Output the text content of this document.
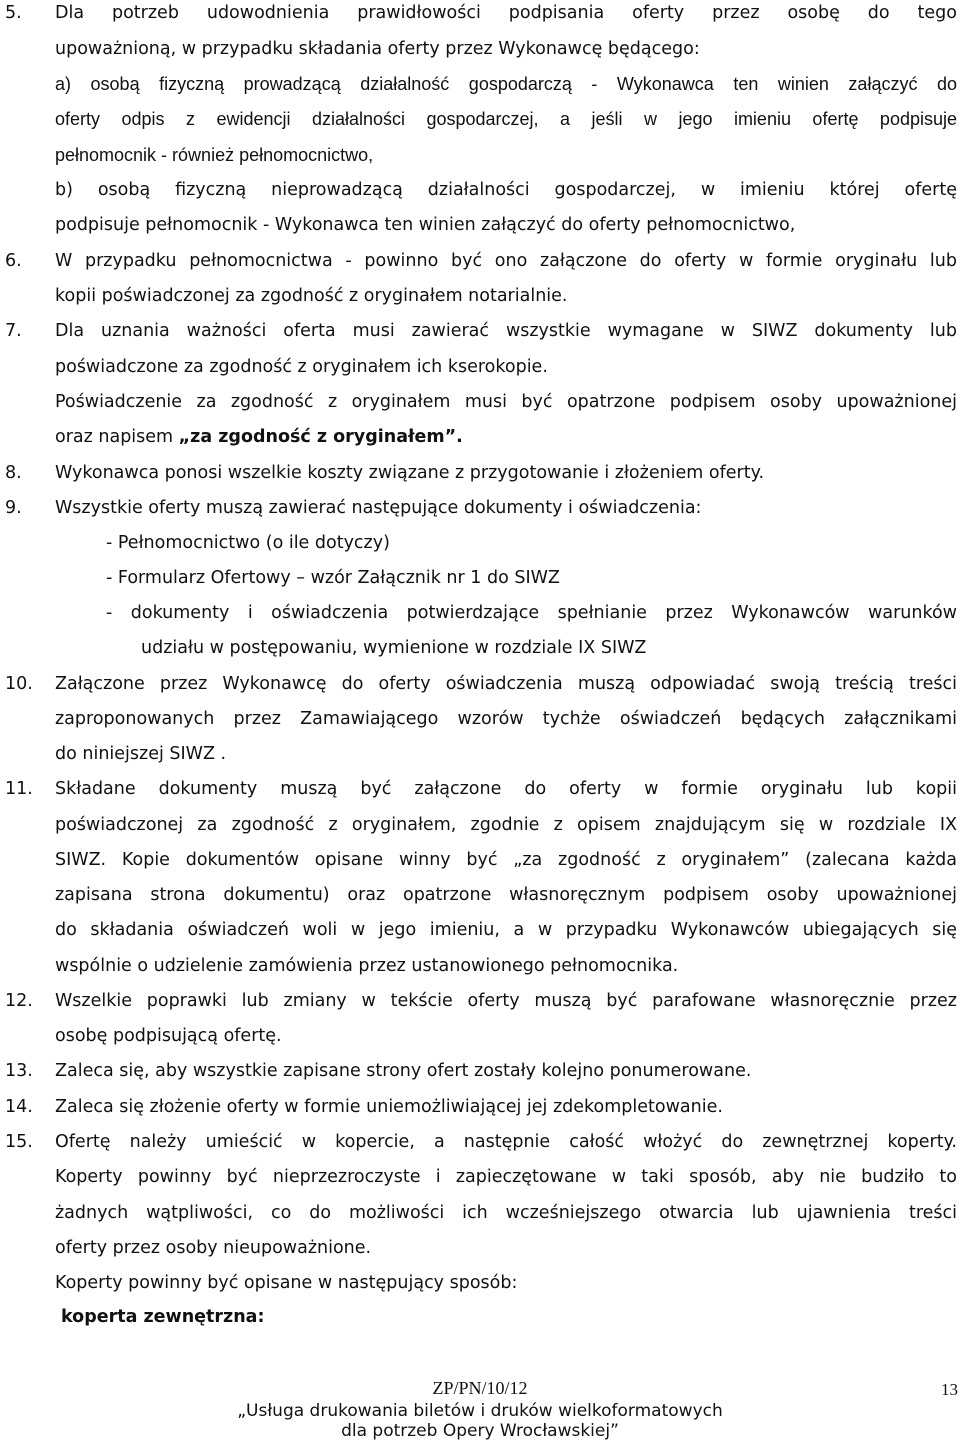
5. Dla potrzeb udowodnienia prawidłowości podpisania oferty przez osobę do tego
upoważnioną, w przypadku składania oferty przez Wykonawcę będącego:
a) osobą fizyczną prowadzącą działalność gospodarczą - Wykonawca ten winien załączyć do
oferty odpis z ewidencji działalności gospodarczej, a jeśli w jego imieniu ofertę podpisuje
pełnomocnik - również pełnomocnictwo,
b) osobą fizyczną nieprowadzącą działalności gospodarczej, w imieniu której ofertę
podpisuje pełnomocnik - Wykonawca ten winien załączyć do oferty pełnomocnictwo,
6. W przypadku pełnomocnictwa - powinno być ono załączone do oferty w formie oryginału lub
kopii poświadczonej za zgodność z oryginałem notarialnie.
7. Dla uznania ważności oferta musi zawierać wszystkie wymagane w SIWZ dokumenty lub
poświadczone za zgodność z oryginałem ich kserokopie.
Poświadczenie za zgodność z oryginałem musi być opatrzone podpisem osoby upoważnionej
oraz napisem „za zgodność z oryginałem”.
8. Wykonawca ponosi wszelkie koszty związane z przygotowanie i złożeniem oferty.
9. Wszystkie oferty muszą zawierać następujące dokumenty i oświadczenia:
- Pełnomocnictwo (o ile dotyczy)
- Formularz Ofertowy – wzór Załącznik nr 1 do SIWZ
- dokumenty i oświadczenia potwierdzające spełnianie przez Wykonawców warunków
udziału w postępowaniu, wymienione w rozdziale IX SIWZ
10. Załączone przez Wykonawcę do oferty oświadczenia muszą odpowiadać swoją treścią treści
zaproponowanych przez Zamawiającego wzorów tychże oświadczeń będących załącznikami
do niniejszej SIWZ .
11. Składane dokumenty muszą być załączone do oferty w formie oryginału lub kopii
poświadczonej za zgodność z oryginałem, zgodnie z opisem znajdującym się w rozdziale IX
SIWZ. Kopie dokumentów opisane winny być „za zgodność z oryginałem” (zalecana każda
zapisana strona dokumentu) oraz opatrzone własnoręcznym podpisem osoby upoważnionej
do składania oświadczeń woli w jego imieniu, a w przypadku Wykonawców ubiegających się
wspólnie o udzielenie zamówienia przez ustanowionego pełnomocnika.
12. Wszelkie poprawki lub zmiany w tekście oferty muszą być parafowane własnoręcznie przez
osobę podpisującą ofertę.
13. Zaleca się, aby wszystkie zapisane strony ofert zostały kolejno ponumerowane.
14. Zaleca się złożenie oferty w formie uniemożliwiającej jej zdekompletowanie.
15. Ofertę należy umieścić w kopercie, a następnie całość włożyć do zewnętrznej koperty.
Koperty powinny być nieprzezroczyste i zapieczętowane w taki sposób, aby nie budziło to
żadnych wątpliwości, co do możliwości ich wcześniejszego otwarcia lub ujawnienia treści
oferty przez osoby nieupoważnione.
Koperty powinny być opisane w następujący sposób:
koperta zewnętrzna:
ZP/PN/10/12	13
„Usługa drukowania biletów i druków wielkoformatowych
dla potrzeb Opery Wrocławskiej”
